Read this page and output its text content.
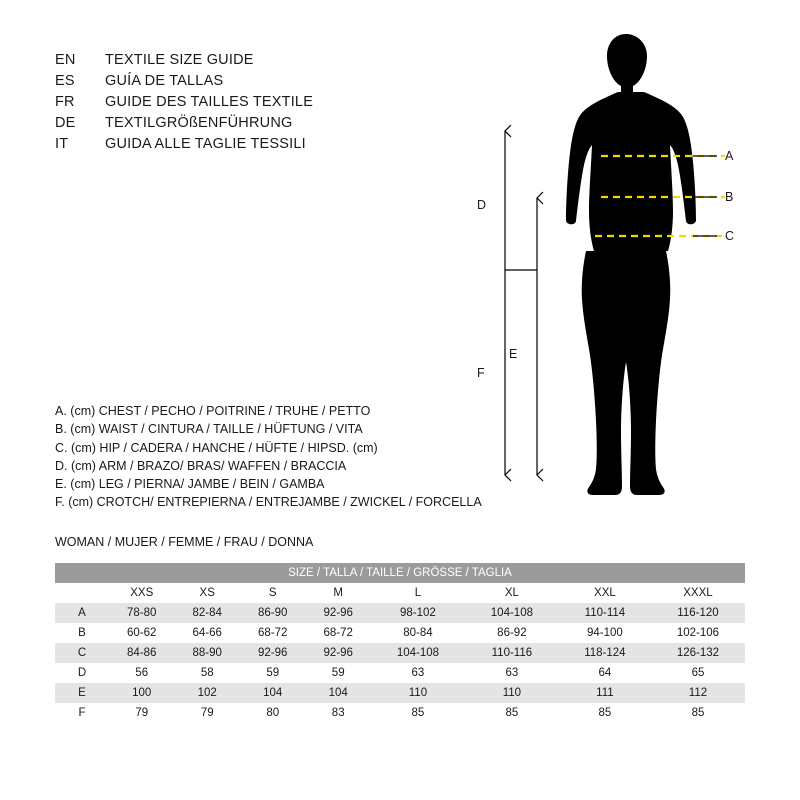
EN	TEXTILE SIZE GUIDE
ES	GUÍA DE TALLAS
FR	GUIDE DES TAILLES TEXTILE
DE	TEXTILGRÖßENFÜHRUNG
IT	GUIDA ALLE TAGLIE TESSILI
D
E
F
A
B
C
A. (cm) CHEST / PECHO / POITRINE / TRUHE / PETTO
B. (cm) WAIST / CINTURA / TAILLE / HÜFTUNG / VITA
C. (cm) HIP / CADERA / HANCHE / HÜFTE / HIPSD. (cm)
D. (cm) ARM / BRAZO/ BRAS/ WAFFEN / BRACCIA
E. (cm) LEG / PIERNA/ JAMBE / BEIN / GAMBA
F. (cm) CROTCH/ ENTREPIERNA / ENTREJAMBE / ZWICKEL / FORCELLA
WOMAN / MUJER / FEMME / FRAU / DONNA
SIZE / TALLA / TAILLE / GRÖSSE / TAGLIA								
	XXS	XS	S	M	L	XL	XXL	XXXL
A	78-80	82-84	86-90	92-96	98-102	104-108	110-114	116-120
B	60-62	64-66	68-72	68-72	80-84	86-92	94-100	102-106
C	84-86	88-90	92-96	92-96	104-108	110-116	118-124	126-132
D	56	58	59	59	63	63	64	65
E	100	102	104	104	110	110	111	112
F	79	79	80	83	85	85	85	85
